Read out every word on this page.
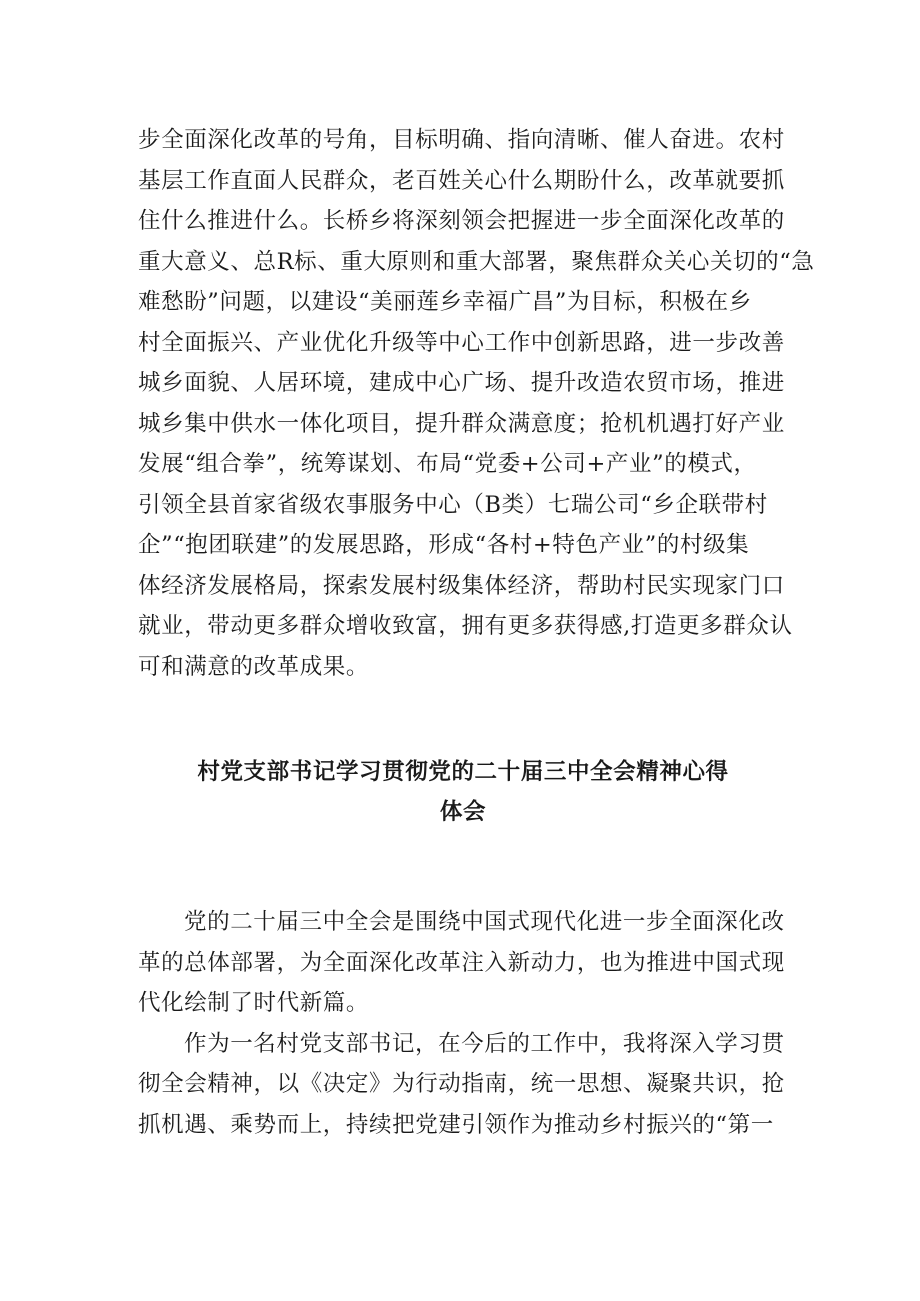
步全面深化改革的号角，目标明确、指向清晰、催人奋进。农村
基层工作直面人民群众，老百姓关心什么期盼什么，改革就要抓
住什么推进什么。长桥乡将深刻领会把握进一步全面深化改革的
重大意义、总R标、重大原则和重大部署，聚焦群众关心关切的“急
难愁盼”问题，以建设“美丽莲乡幸福广昌”为目标，积极在乡
村全面振兴、产业优化升级等中心工作中创新思路，进一步改善
城乡面貌、人居环境，建成中心广场、提升改造农贸市场，推进
城乡集中供水一体化项目，提升群众满意度；抢机机遇打好产业
发展“组合拳”，统筹谋划、布局“党委+公司+产业”的模式，
引领全县首家省级农事服务中心（B类）七瑞公司“乡企联带村
企”“抱团联建”的发展思路，形成“各村+特色产业”的村级集
体经济发展格局，探索发展村级集体经济，帮助村民实现家门口
就业，带动更多群众增收致富，拥有更多获得感,打造更多群众认
可和满意的改革成果。
村党支部书记学习贯彻党的二十届三中全会精神心得
体会
党的二十届三中全会是围绕中国式现代化进一步全面深化改
革的总体部署，为全面深化改革注入新动力，也为推进中国式现
代化绘制了时代新篇。
作为一名村党支部书记，在今后的工作中，我将深入学习贯
彻全会精神，以《决定》为行动指南，统一思想、凝聚共识，抢
抓机遇、乘势而上，持续把党建引领作为推动乡村振兴的“第一
